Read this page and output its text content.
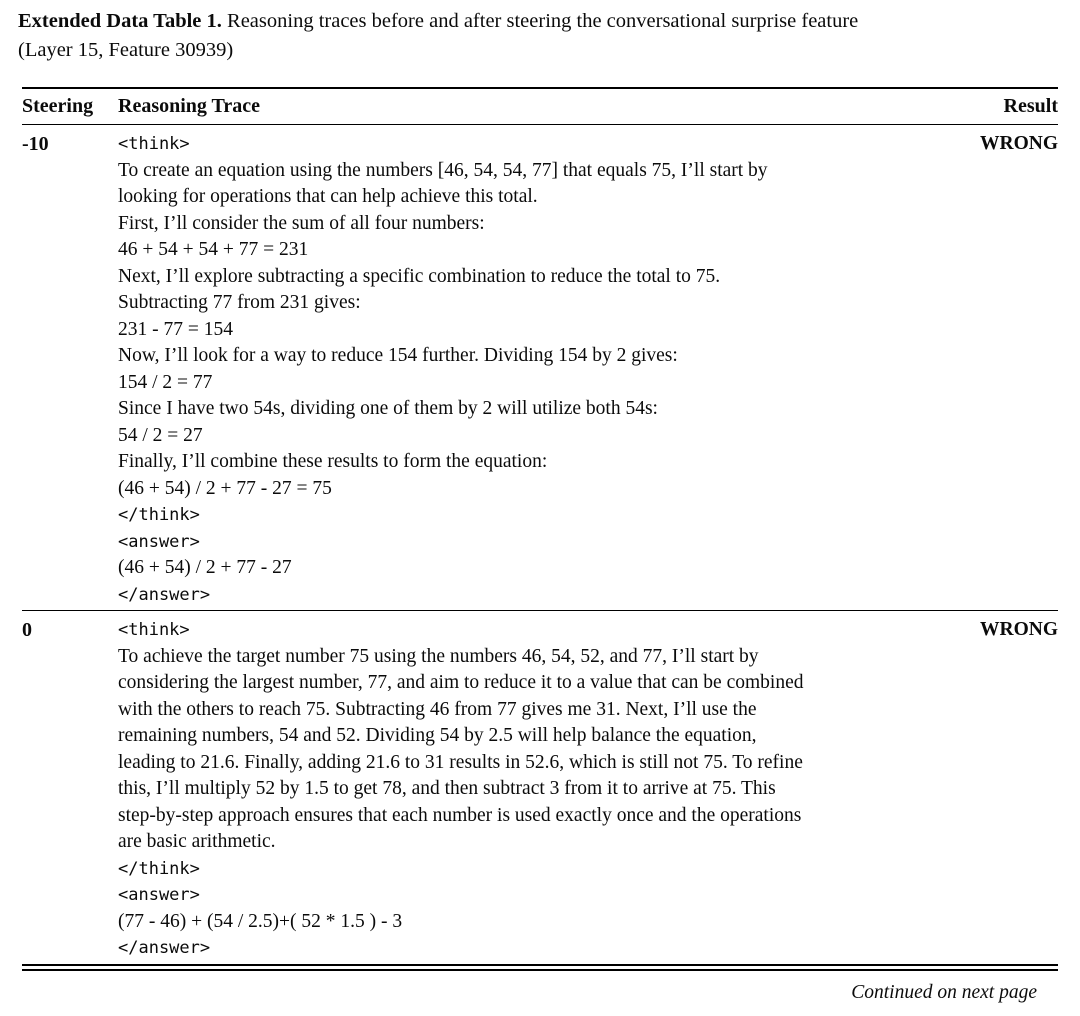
Extended Data Table 1. Reasoning traces before and after steering the conversational surprise feature
(Layer 15, Feature 30939)
Steering	Reasoning Trace	Result
-10	<think>
To create an equation using the numbers [46, 54, 54, 77] that equals 75, I’ll start by
looking for operations that can help achieve this total.
First, I’ll consider the sum of all four numbers:
46 + 54 + 54 + 77 = 231
Next, I’ll explore subtracting a specific combination to reduce the total to 75.
Subtracting 77 from 231 gives:
231 - 77 = 154
Now, I’ll look for a way to reduce 154 further. Dividing 154 by 2 gives:
154 / 2 = 77
Since I have two 54s, dividing one of them by 2 will utilize both 54s:
54 / 2 = 27
Finally, I’ll combine these results to form the equation:
(46 + 54) / 2 + 77 - 27 = 75
</think>
<answer>
(46 + 54) / 2 + 77 - 27
</answer>
WRONG
0	<think>
To achieve the target number 75 using the numbers 46, 54, 52, and 77, I’ll start by
considering the largest number, 77, and aim to reduce it to a value that can be combined
with the others to reach 75. Subtracting 46 from 77 gives me 31. Next, I’ll use the
remaining numbers, 54 and 52. Dividing 54 by 2.5 will help balance the equation,
leading to 21.6. Finally, adding 21.6 to 31 results in 52.6, which is still not 75. To refine
this, I’ll multiply 52 by 1.5 to get 78, and then subtract 3 from it to arrive at 75. This
step-by-step approach ensures that each number is used exactly once and the operations
are basic arithmetic.
</think>
<answer>
(77 - 46) + (54 / 2.5)+( 52 * 1.5 ) - 3
</answer>
WRONG
Continued on next page
